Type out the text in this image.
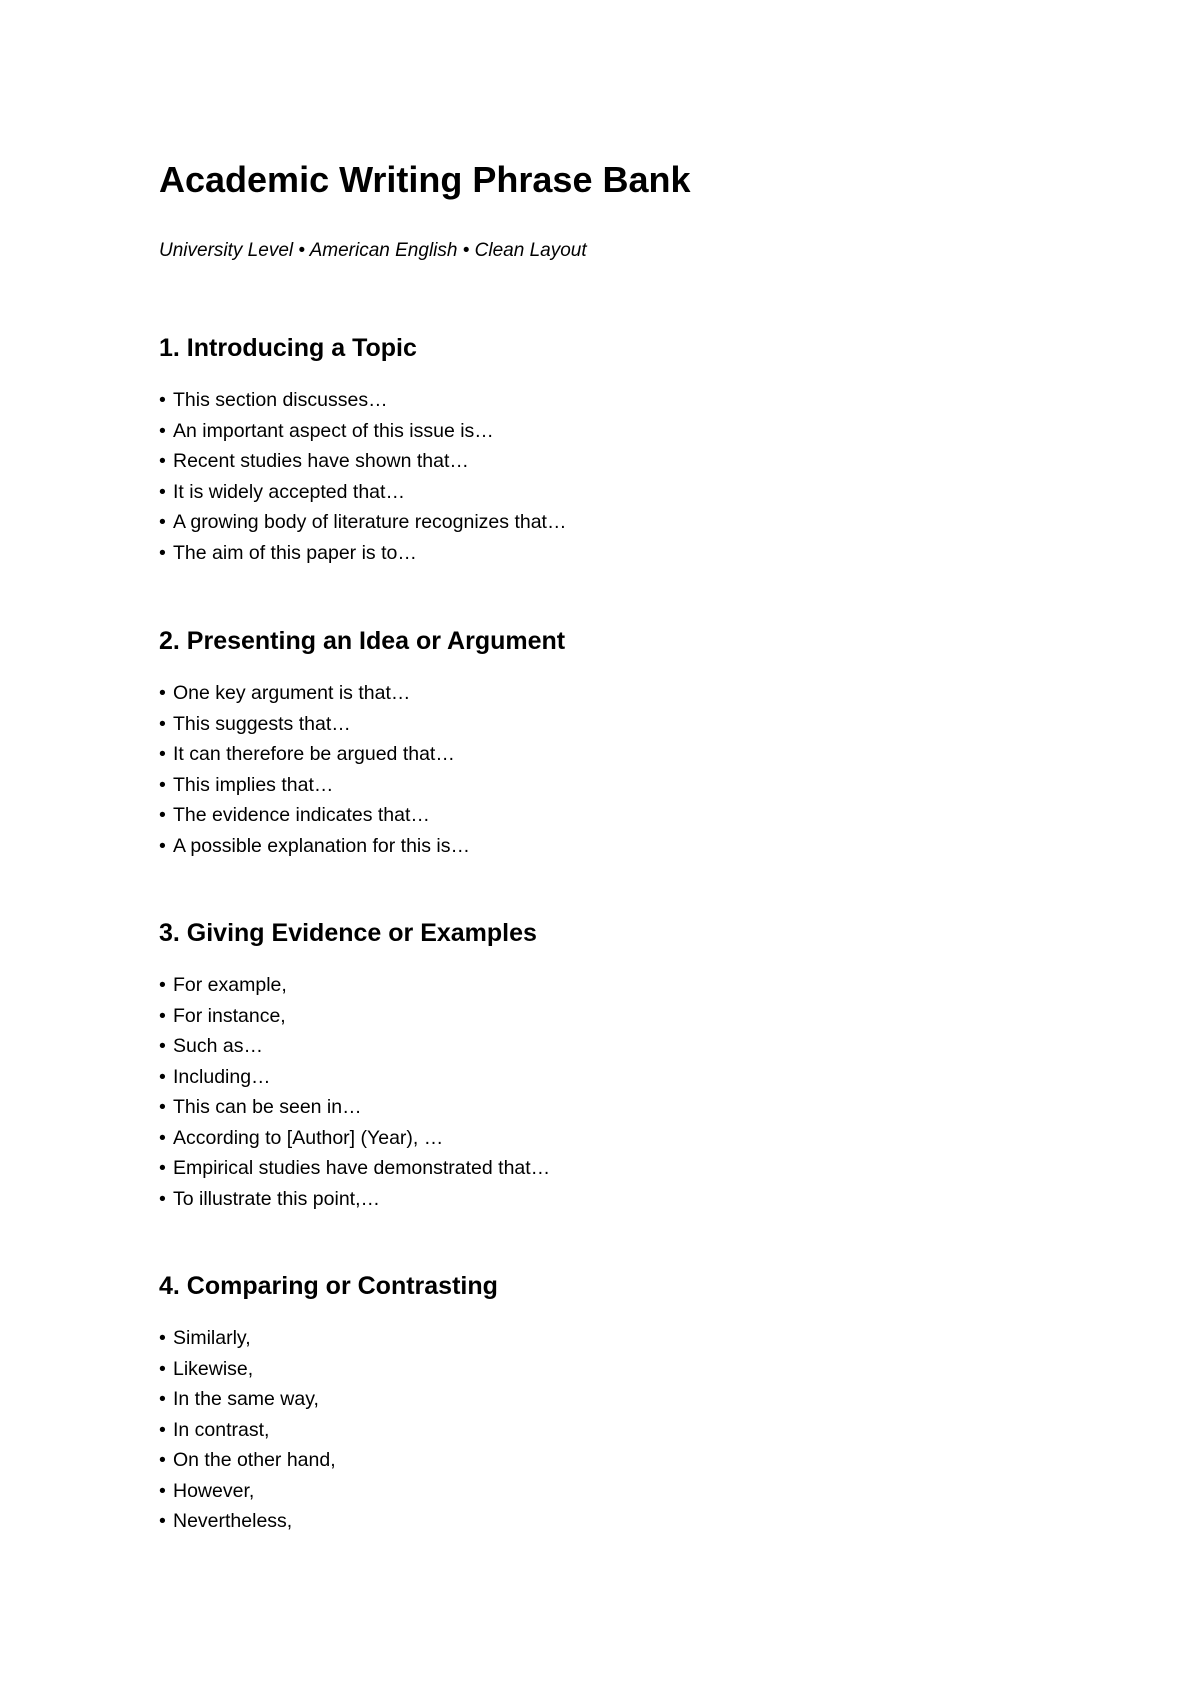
Academic Writing Phrase Bank

University Level • American English • Clean Layout

1. Introducing a Topic
• This section discusses…
• An important aspect of this issue is…
• Recent studies have shown that…
• It is widely accepted that…
• A growing body of literature recognizes that…
• The aim of this paper is to…
2. Presenting an Idea or Argument
• One key argument is that…
• This suggests that…
• It can therefore be argued that…
• This implies that…
• The evidence indicates that…
• A possible explanation for this is…
3. Giving Evidence or Examples
• For example,
• For instance,
• Such as…
• Including…
• This can be seen in…
• According to [Author] (Year), …
• Empirical studies have demonstrated that…
• To illustrate this point,…
4. Comparing or Contrasting
• Similarly,
• Likewise,
• In the same way,
• In contrast,
• On the other hand,
• However,
• Nevertheless,
